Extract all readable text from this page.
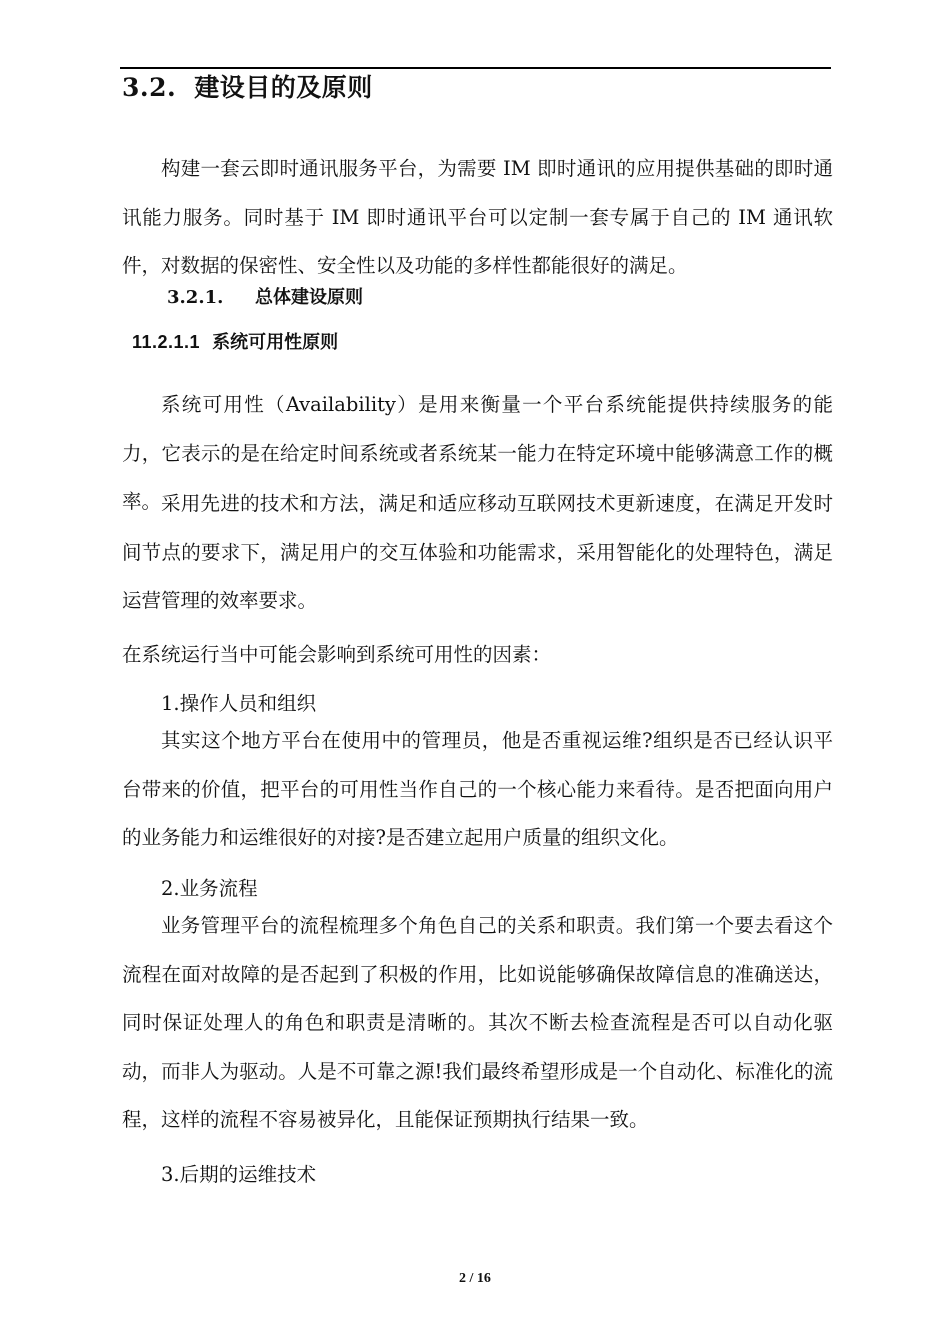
3.2. 建设目的及原则

构建一套云即时通讯服务平台，为需要 IM 即时通讯的应用提供基础的即时通讯能力服务。同时基于 IM 即时通讯平台可以定制一套专属于自己的 IM 通讯软件，对数据的保密性、安全性以及功能的多样性都能很好的满足。

3.2.1. 总体建设原则
11.2.1.1 系统可用性原则

系统可用性（Availability）是用来衡量一个平台系统能提供持续服务的能力，它表示的是在给定时间系统或者系统某一能力在特定环境中能够满意工作的概率。 采用先进的技术和方法，满足和适应移动互联网技术更新速度，在满足开发时间节点的要求下，满足用户的交互体验和功能需求，采用智能化的处理特色，满足运营管理的效率要求。

在系统运行当中可能会影响到系统可用性的因素：

1.操作人员和组织

其实这个地方平台在使用中的管理员，他是否重视运维?组织是否已经认识平台带来的价值，把平台的可用性当作自己的一个核心能力来看待。是否把面向用户的业务能力和运维很好的对接?是否建立起用户质量的组织文化。

2.业务流程

业务管理平台的流程梳理多个角色自己的关系和职责。我们第一个要去看这个流程在面对故障的是否起到了积极的作用，比如说能够确保故障信息的准确送达，同时保证处理人的角色和职责是清晰的。其次不断去检查流程是否可以自动化驱动，而非人为驱动。人是不可靠之源!我们最终希望形成是一个自动化、标准化的流程，这样的流程不容易被异化，且能保证预期执行结果一致。

3.后期的运维技术
2 / 16
